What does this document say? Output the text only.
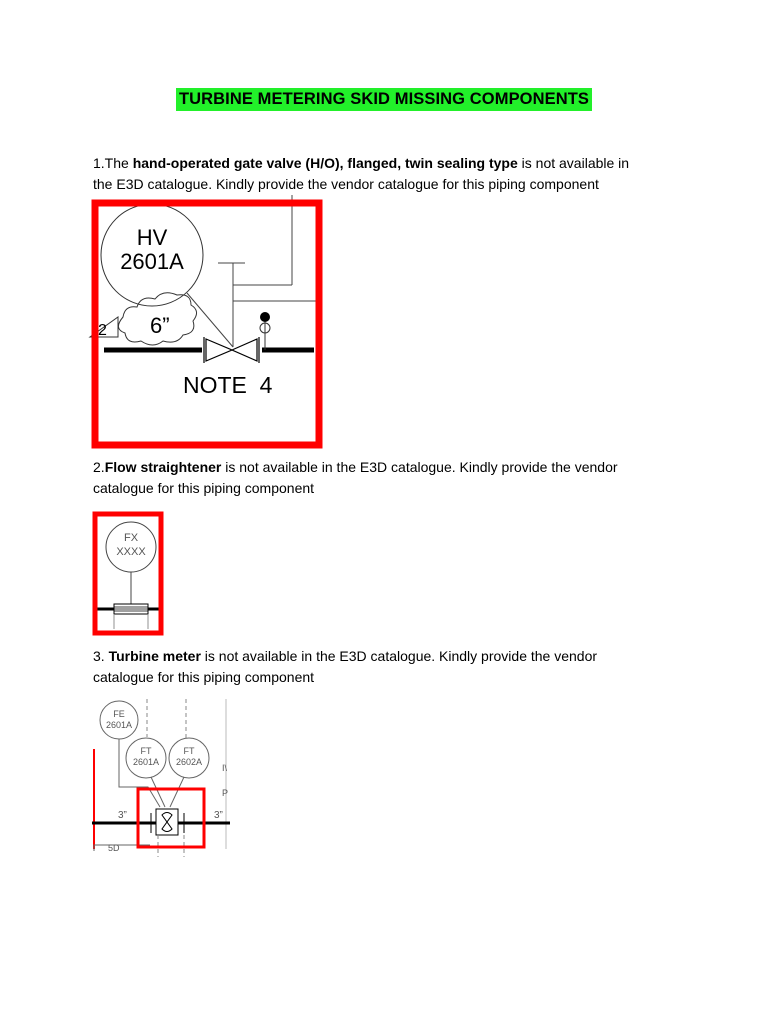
TURBINE METERING SKID MISSING COMPONENTS
1.The hand-operated gate valve (H/O), flanged, twin sealing type is not available in
the E3D catalogue. Kindly provide the vendor catalogue for this piping component
HV
2601A
6”
2
NOTE  4
2.Flow straightener is not available in the E3D catalogue. Kindly provide the vendor
catalogue for this piping component
FX
XXXX
3. Turbine meter is not available in the E3D catalogue. Kindly provide the vendor
catalogue for this piping component
FE
2601A
FT
2601A
FT
2602A
I\
P
3”	3”
5D
